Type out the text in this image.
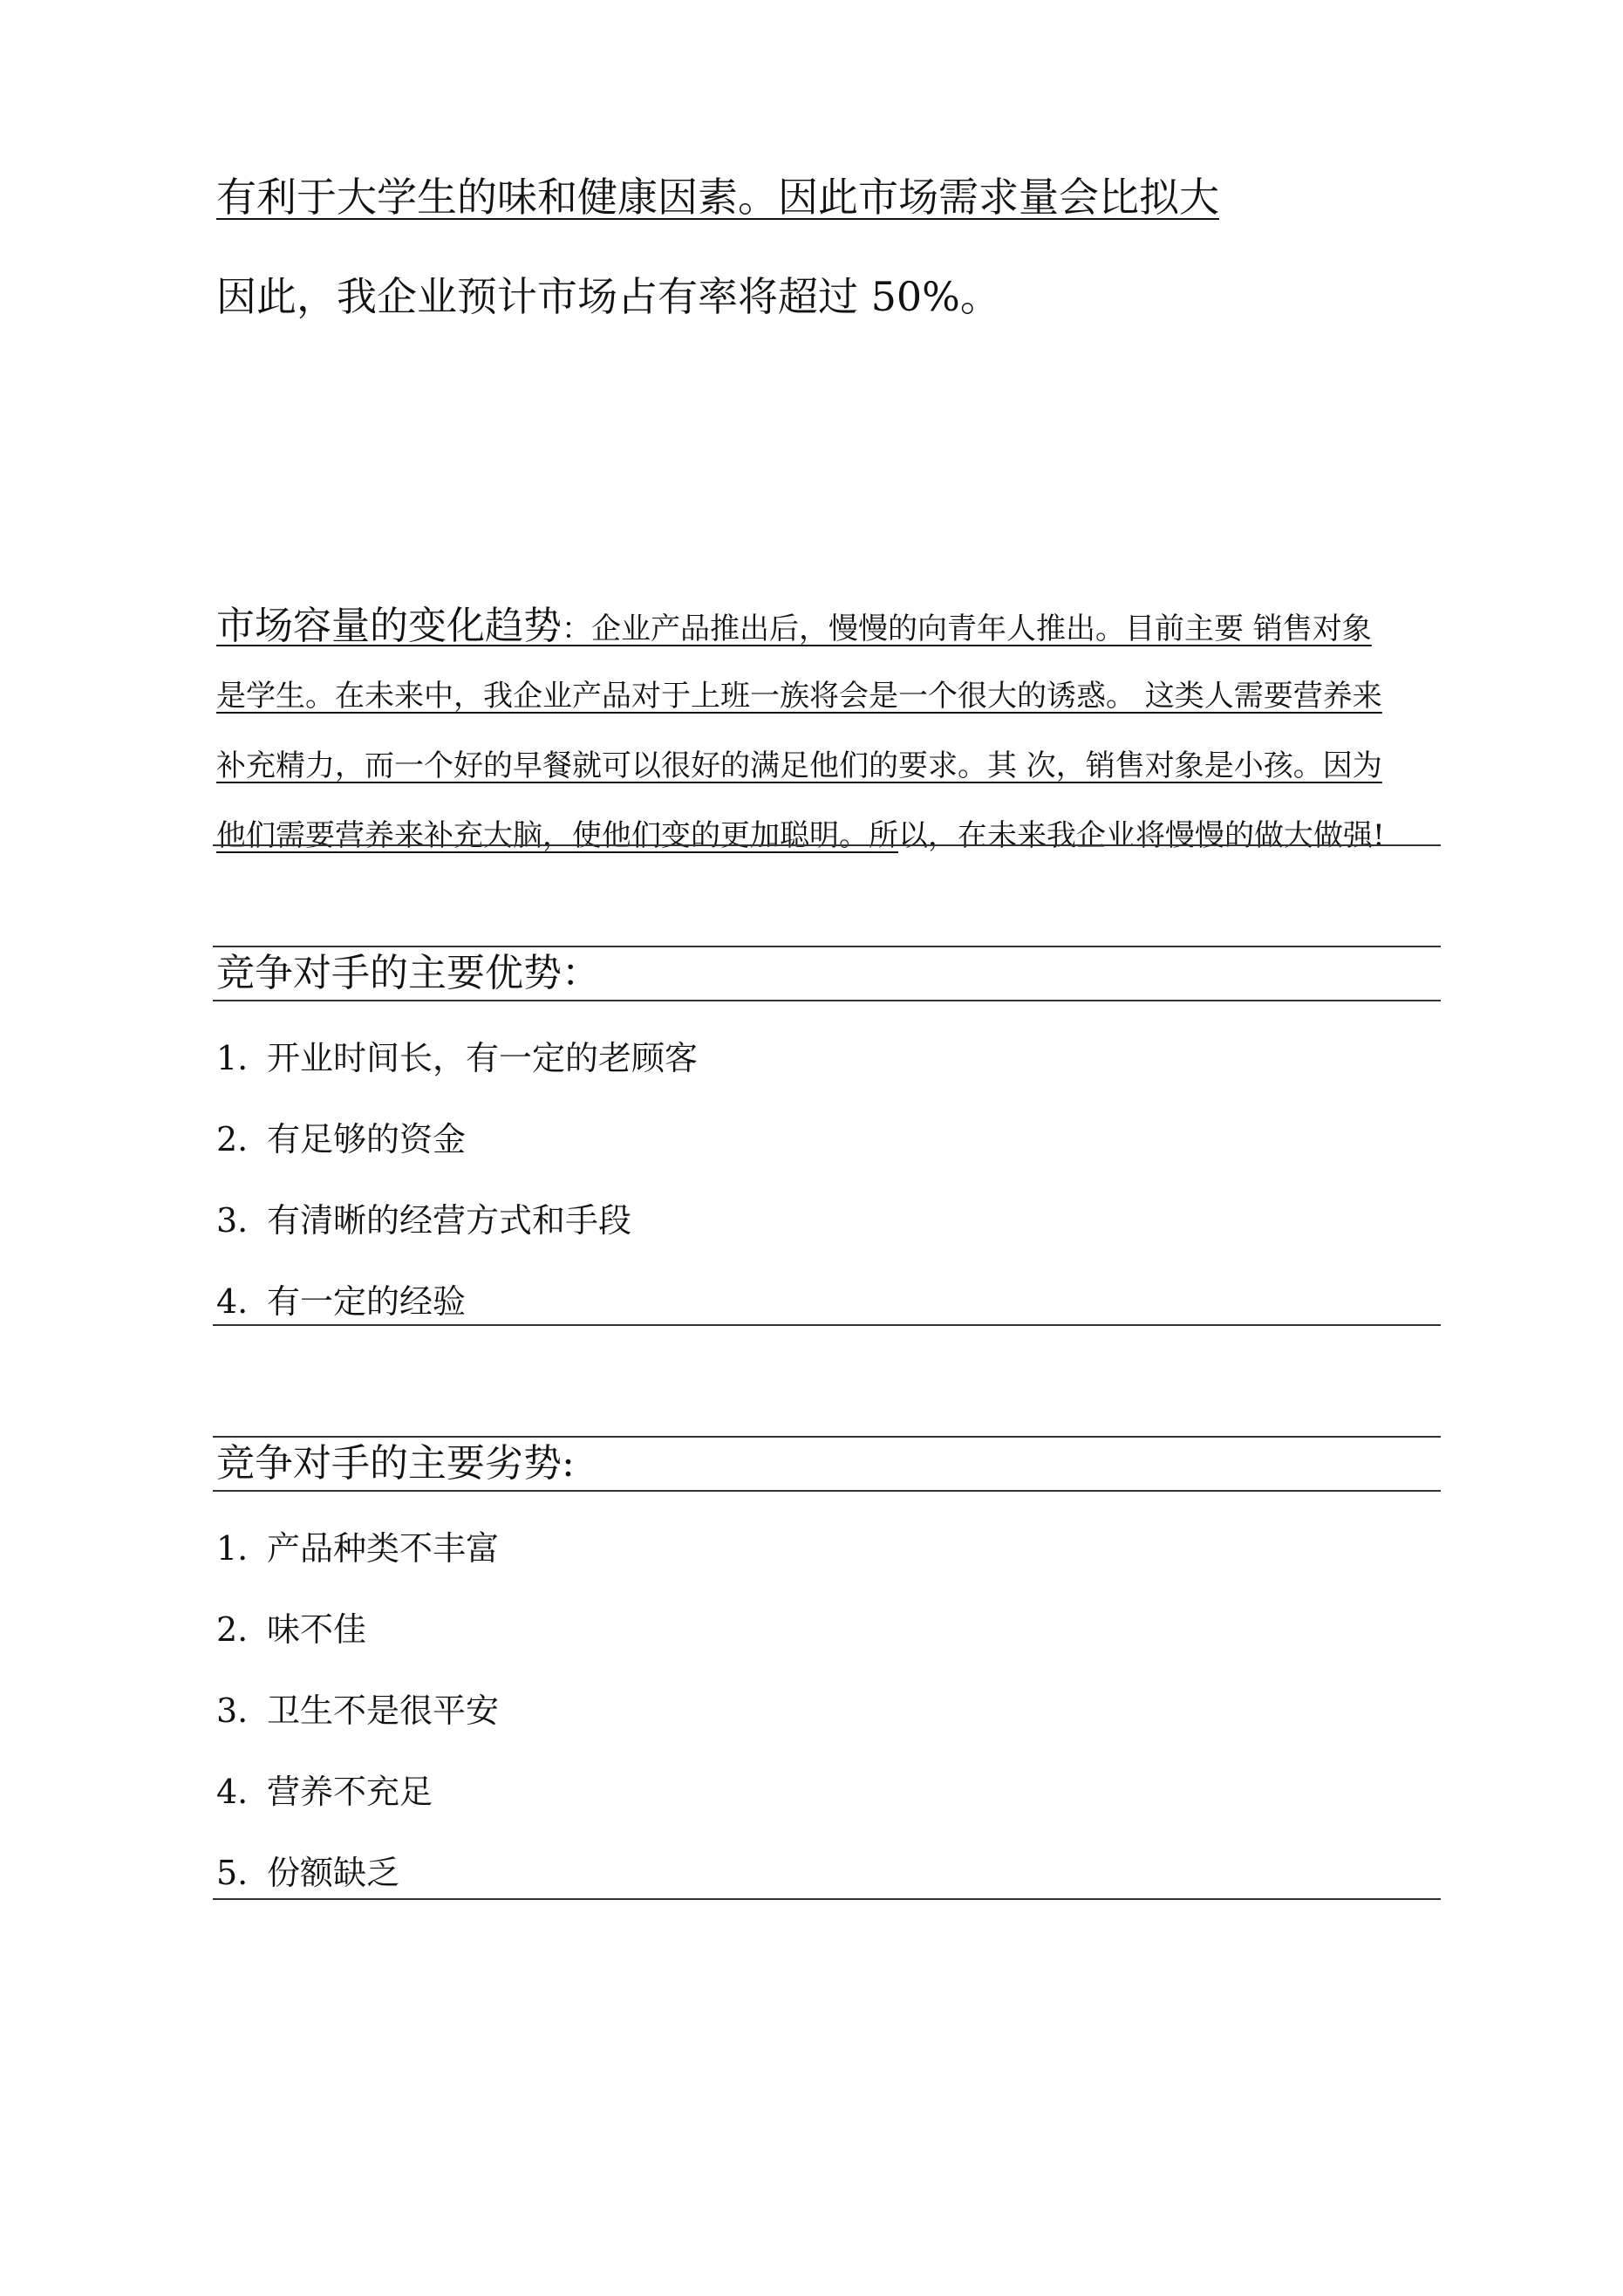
有利于大学生的味和健康因素。因此市场需求量会比拟大
因此，我企业预计市场占有率将超过 50%。
市场容量的变化趋势：企业产品推出后，慢慢的向青年人推出。目前主要 销售对象
是学生。在未来中，我企业产品对于上班一族将会是一个很大的诱惑。 这类人需要营养来
补充精力，而一个好的早餐就可以很好的满足他们的要求。其 次，销售对象是小孩。因为
他们需要营养来补充大脑，使他们变的更加聪明。所 以，在未来我企业将慢慢的做大做强!
竞争对手的主要优势：
1. 开业时间长，有一定的老顾客
2. 有足够的资金
3. 有清晰的经营方式和手段
4. 有一定的经验
竞争对手的主要劣势:
1. 产品种类不丰富
2. 味不佳
3. 卫生不是很平安
4. 营养不充足
5. 份额缺乏
